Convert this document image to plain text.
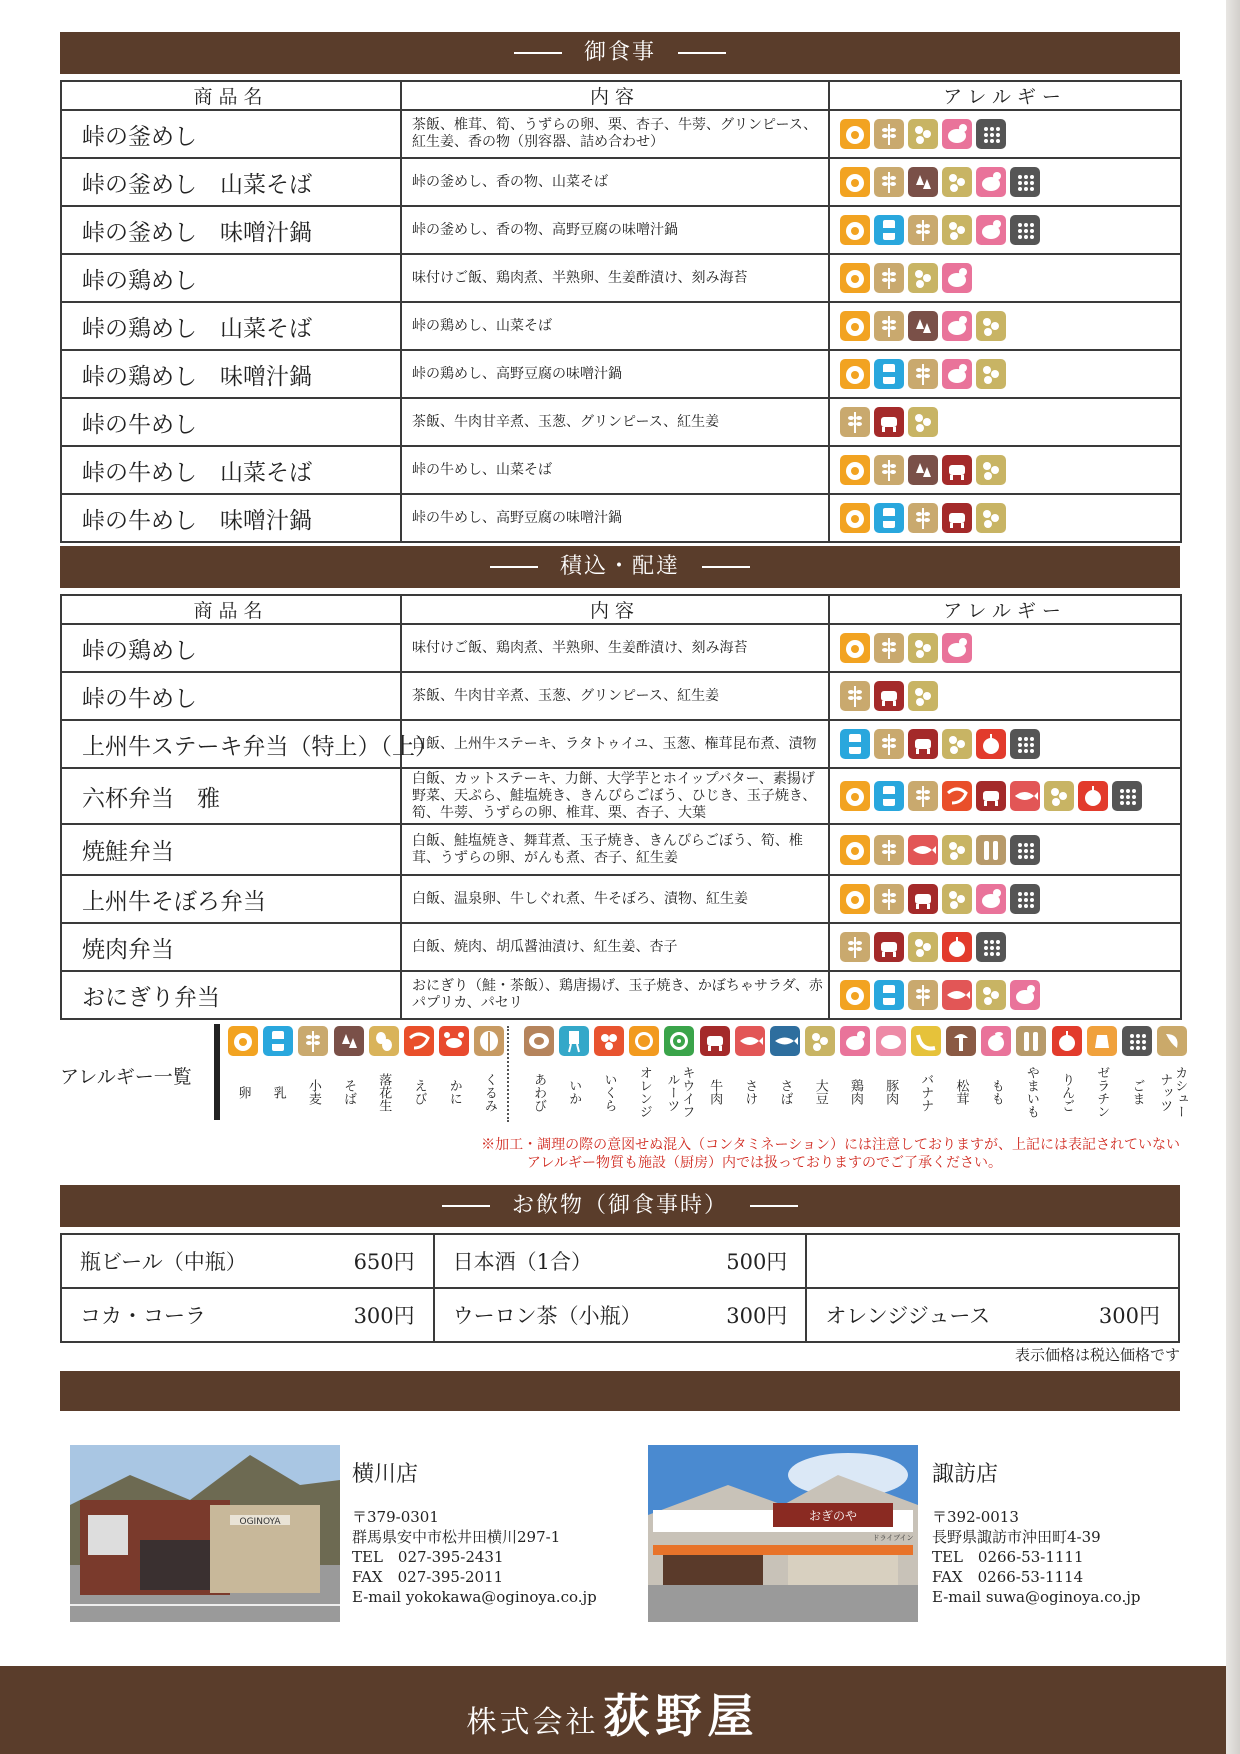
御食事
商品名	内容	アレルギー
峠の釜めし	茶飯、椎茸、筍、うずらの卵、栗、杏子、牛蒡、グリンピース、紅生姜、香の物（別容器、詰め合わせ）	

峠の釜めし　山菜そば	峠の釜めし、香の物、山菜そば	

峠の釜めし　味噌汁鍋	峠の釜めし、香の物、高野豆腐の味噌汁鍋	

峠の鶏めし	味付けご飯、鶏肉煮、半熟卵、生姜酢漬け、刻み海苔	

峠の鶏めし　山菜そば	峠の鶏めし、山菜そば	

峠の鶏めし　味噌汁鍋	峠の鶏めし、高野豆腐の味噌汁鍋	

峠の牛めし	茶飯、牛肉甘辛煮、玉葱、グリンピース、紅生姜	

峠の牛めし　山菜そば	峠の牛めし、山菜そば	

峠の牛めし　味噌汁鍋	峠の牛めし、高野豆腐の味噌汁鍋	
積込・配達
商品名	内容	アレルギー
峠の鶏めし	味付けご飯、鶏肉煮、半熟卵、生姜酢漬け、刻み海苔	

峠の牛めし	茶飯、牛肉甘辛煮、玉葱、グリンピース、紅生姜	

上州牛ステーキ弁当（特上）（上）	白飯、上州牛ステーキ、ラタトゥイユ、玉葱、権茸昆布煮、漬物	

六杯弁当　雅	白飯、カットステーキ、力餅、大学芋とホイップバター、素揚げ野菜、天ぷら、鮭塩焼き、きんぴらごぼう、ひじき、玉子焼き、筍、牛蒡、うずらの卵、椎茸、栗、杏子、大葉	

焼鮭弁当	白飯、鮭塩焼き、舞茸煮、玉子焼き、きんぴらごぼう、筍、椎茸、うずらの卵、がんも煮、杏子、紅生姜	

上州牛そぼろ弁当	白飯、温泉卵、牛しぐれ煮、牛そぼろ、漬物、紅生姜	

焼肉弁当	白飯、焼肉、胡瓜醤油漬け、紅生姜、杏子	

おにぎり弁当	おにぎり（鮭・茶飯）、鶏唐揚げ、玉子焼き、かぼちゃサラダ、赤パプリカ、パセリ	
アレルギー一覧
卵 乳 小麦 そば 落花生 えび かに くるみ	あわび いか いくら オレンジ	キウイフルーツ	牛肉 さけ さば 大豆 鶏肉 豚肉 バナナ 松茸 もも やまいも りんご ゼラチン ごま	カシューナッツ
※加工・調理の際の意図せぬ混入（コンタミネーション）には注意しておりますが、上記には表記されていない
アレルギー物質も施設（厨房）内では扱っておりますのでご了承ください。
お飲物（御食事時）
瓶ビール（中瓶） 650円	日本酒（1合） 500円	

コカ・コーラ 300円	ウーロン茶（小瓶） 300円	オレンジジュース 300円
表示価格は税込価格です
OGINOYA
横川店
〒379-0301
群馬県安中市松井田横川297-1
TEL　027-395-2431
FAX　027-395-2011
E-mail yokokawa@oginoya.co.jp
おぎのや
ドライブイン
諏訪店
〒392-0013
長野県諏訪市沖田町4-39
TEL　0266-53-1111
FAX　0266-53-1114
E-mail suwa@oginoya.co.jp
株式会社 荻野屋
